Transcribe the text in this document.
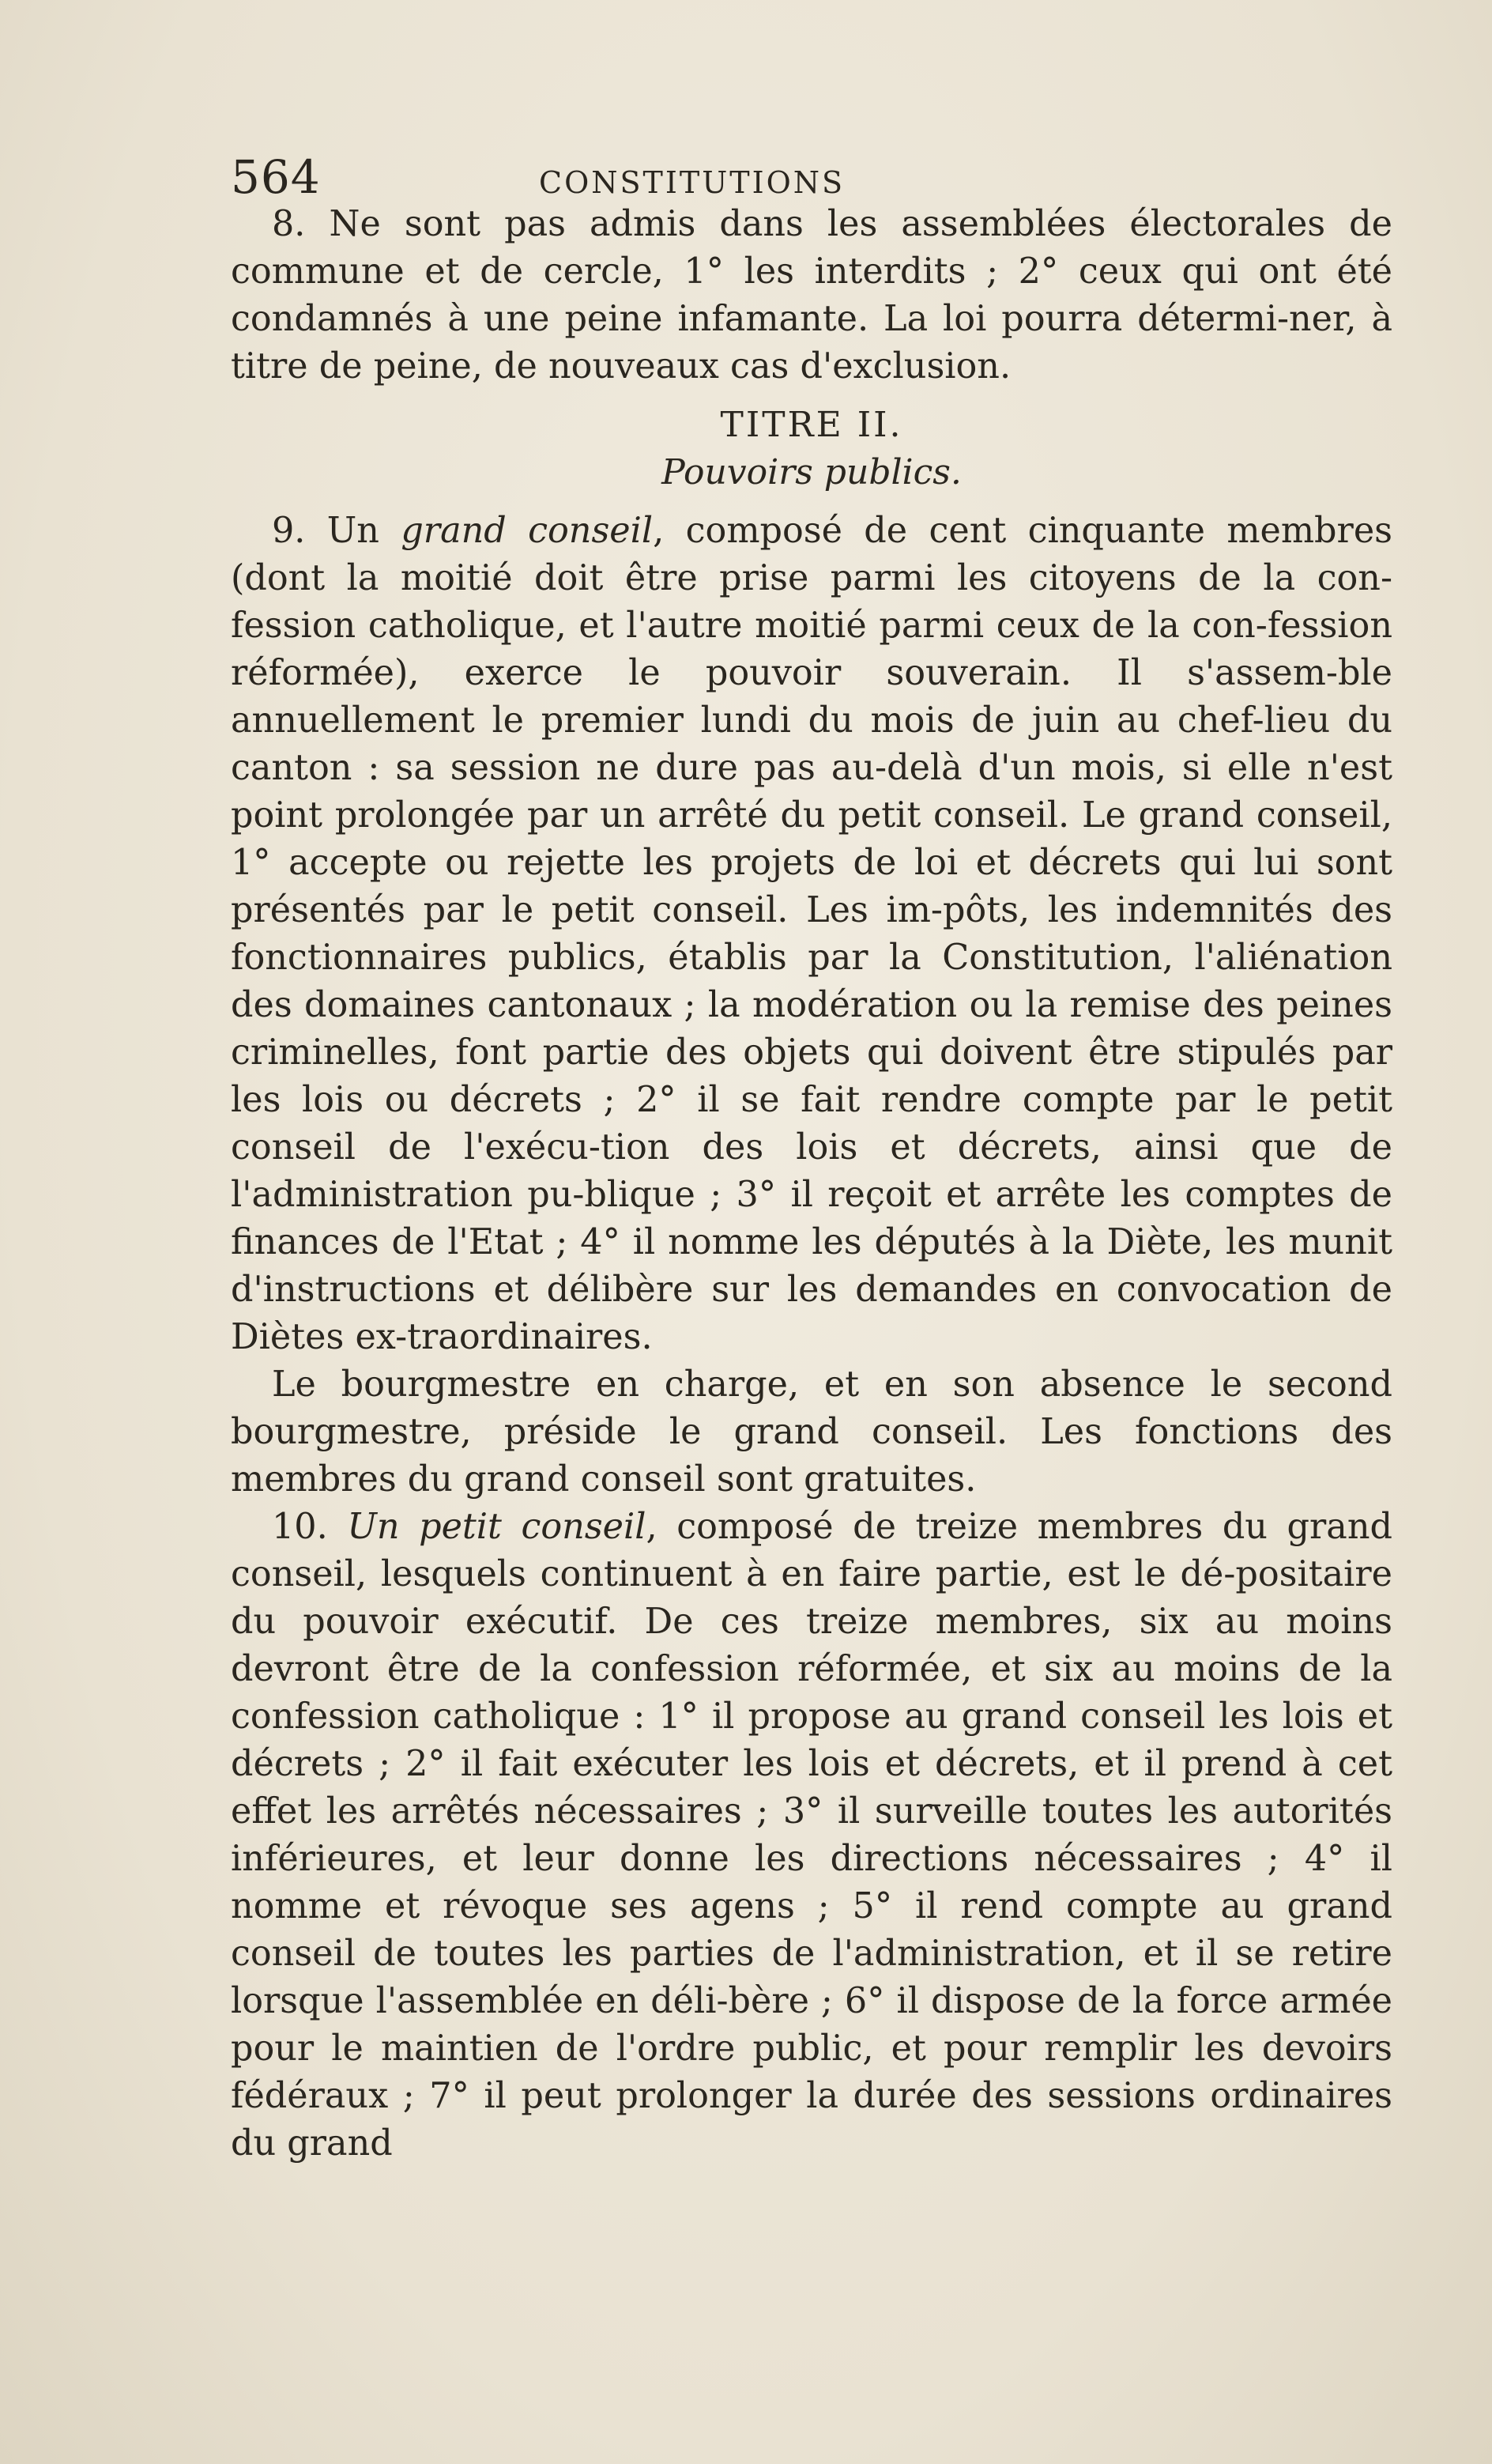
564	CONSTITUTIONS

8. Ne sont pas admis dans les assemblées électorales de commune et de cercle, 1° les interdits ; 2° ceux qui ont été condamnés à une peine infamante. La loi pourra détermi-ner, à titre de peine, de nouveaux cas d'exclusion.

TITRE II.
Pouvoirs publics.

9. Un grand conseil, composé de cent cinquante membres (dont la moitié doit être prise parmi les citoyens de la con-fession catholique, et l'autre moitié parmi ceux de la con-fession réformée), exerce le pouvoir souverain. Il s'assem-ble annuellement le premier lundi du mois de juin au chef-lieu du canton : sa session ne dure pas au-delà d'un mois, si elle n'est point prolongée par un arrêté du petit conseil. Le grand conseil, 1° accepte ou rejette les projets de loi et décrets qui lui sont présentés par le petit conseil. Les im-pôts, les indemnités des fonctionnaires publics, établis par la Constitution, l'aliénation des domaines cantonaux ; la modération ou la remise des peines criminelles, font partie des objets qui doivent être stipulés par les lois ou décrets ; 2° il se fait rendre compte par le petit conseil de l'exécu-tion des lois et décrets, ainsi que de l'administration pu-blique ; 3° il reçoit et arrête les comptes de finances de l'Etat ; 4° il nomme les députés à la Diète, les munit d'instructions et délibère sur les demandes en convocation de Diètes ex-traordinaires.

Le bourgmestre en charge, et en son absence le second bourgmestre, préside le grand conseil. Les fonctions des membres du grand conseil sont gratuites.

10. Un petit conseil, composé de treize membres du grand conseil, lesquels continuent à en faire partie, est le dé-positaire du pouvoir exécutif. De ces treize membres, six au moins devront être de la confession réformée, et six au moins de la confession catholique : 1° il propose au grand conseil les lois et décrets ; 2° il fait exécuter les lois et décrets, et il prend à cet effet les arrêtés nécessaires ; 3° il surveille toutes les autorités inférieures, et leur donne les directions nécessaires ; 4° il nomme et révoque ses agens ; 5° il rend compte au grand conseil de toutes les parties de l'administration, et il se retire lorsque l'assemblée en déli-bère ; 6° il dispose de la force armée pour le maintien de l'ordre public, et pour remplir les devoirs fédéraux ; 7° il peut prolonger la durée des sessions ordinaires du grand
